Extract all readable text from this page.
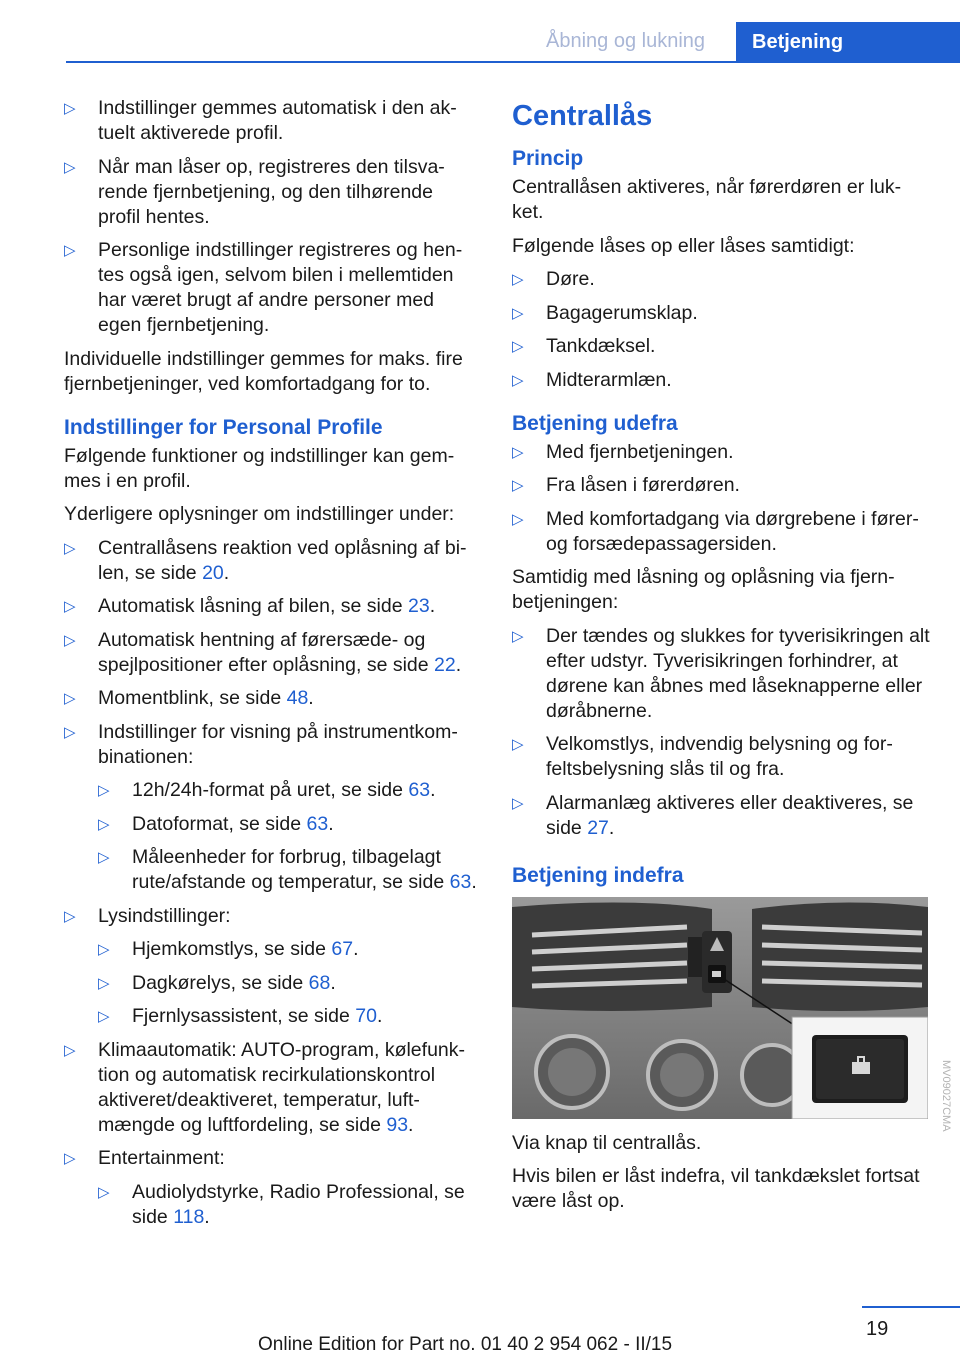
Åbning og lukning	Betjening
▷	Indstillinger gemmes automatisk i den ak-tuelt aktiverede profil.
▷	Når man låser op, registreres den tilsva-rende fjernbetjening, og den tilhørende profil hentes.
▷	Personlige indstillinger registreres og hen-tes også igen, selvom bilen i mellemtiden har været brugt af andre personer med egen fjernbetjening.

Individuelle indstillinger gemmes for maks. fire fjernbetjeninger, ved komfortadgang for to.

Indstillinger for Personal Profile

Følgende funktioner og indstillinger kan gem-mes i en profil.

Yderligere oplysninger om indstillinger under:

▷	Centrallåsens reaktion ved oplåsning af bi-len, se side 20.
▷	Automatisk låsning af bilen, se side 23.
▷	Automatisk hentning af førersæde- og spejlpositioner efter oplåsning, se side 22.
▷	Momentblink, se side 48.
▷	Indstillinger for visning på instrumentkom-binationen:
▷	12h/24h-format på uret, se side 63.
▷	Datoformat, se side 63.
▷	Måleenheder for forbrug, tilbagelagt rute/afstande og temperatur, se side 63.
▷	Lysindstillinger:
▷	Hjemkomstlys, se side 67.
▷	Dagkørelys, se side 68.
▷	Fjernlysassistent, se side 70.
▷	Klimaautomatik: AUTO-program, kølefunk-tion og automatisk recirkulationskontrol aktiveret/deaktiveret, temperatur, luft-mængde og luftfordeling, se side 93.
▷	Entertainment:
▷	Audiolydstyrke, Radio Professional, se side 118.
Centrallås
Princip

Centrallåsen aktiveres, når førerdøren er luk-ket.

Følgende låses op eller låses samtidigt:

▷	Døre.
▷	Bagagerumsklap.
▷	Tankdæksel.
▷	Midterarmlæn.
Betjening udefra
▷	Med fjernbetjeningen.
▷	Fra låsen i førerdøren.
▷	Med komfortadgang via dørgrebene i fører-og forsædepassagersiden.

Samtidig med låsning og oplåsning via fjern-betjeningen:

▷	Der tændes og slukkes for tyverisikringen alt efter udstyr. Tyverisikringen forhindrer, at dørene kan åbnes med låseknapperne eller døråbnerne.
▷	Velkomstlys, indvendig belysning og for-feltsbelysning slås til og fra.
▷	Alarmanlæg aktiveres eller deaktiveres, se side 27.
Betjening indefra

Via knap til centrallås.

Hvis bilen er låst indefra, vil tankdækslet fortsat være låst op.

MV09027CMA
19
Online Edition for Part no. 01 40 2 954 062 - II/15
